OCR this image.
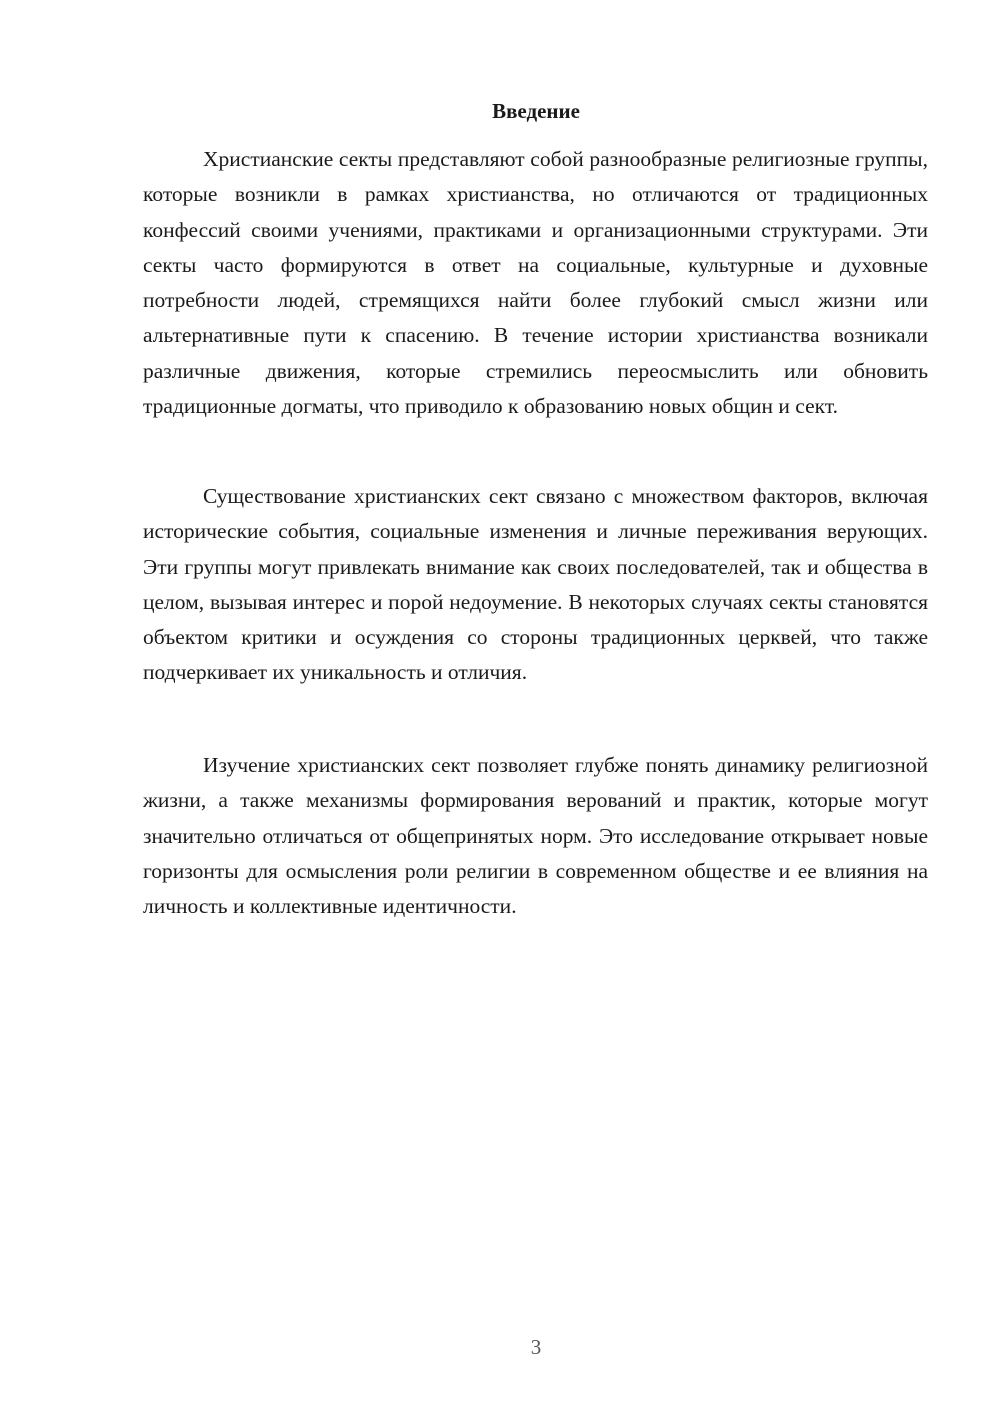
Введение

Христианские секты представляют собой разнообразные религиозные группы, которые возникли в рамках христианства, но отличаются от традиционных конфессий своими учениями, практиками и организационными структурами. Эти секты часто формируются в ответ на социальные, культурные и духовные потребности людей, стремящихся найти более глубокий смысл жизни или альтернативные пути к спасению. В течение истории христианства возникали различные движения, которые стремились переосмыслить или обновить традиционные догматы, что приводило к образованию новых общин и сект.

Существование христианских сект связано с множеством факторов, включая исторические события, социальные изменения и личные переживания верующих. Эти группы могут привлекать внимание как своих последователей, так и общества в целом, вызывая интерес и порой недоумение. В некоторых случаях секты становятся объектом критики и осуждения со стороны традиционных церквей, что также подчеркивает их уникальность и отличия.

Изучение христианских сект позволяет глубже понять динамику религиозной жизни, а также механизмы формирования верований и практик, которые могут значительно отличаться от общепринятых норм. Это исследование открывает новые горизонты для осмысления роли религии в современном обществе и ее влияния на личность и коллективные идентичности.

3
